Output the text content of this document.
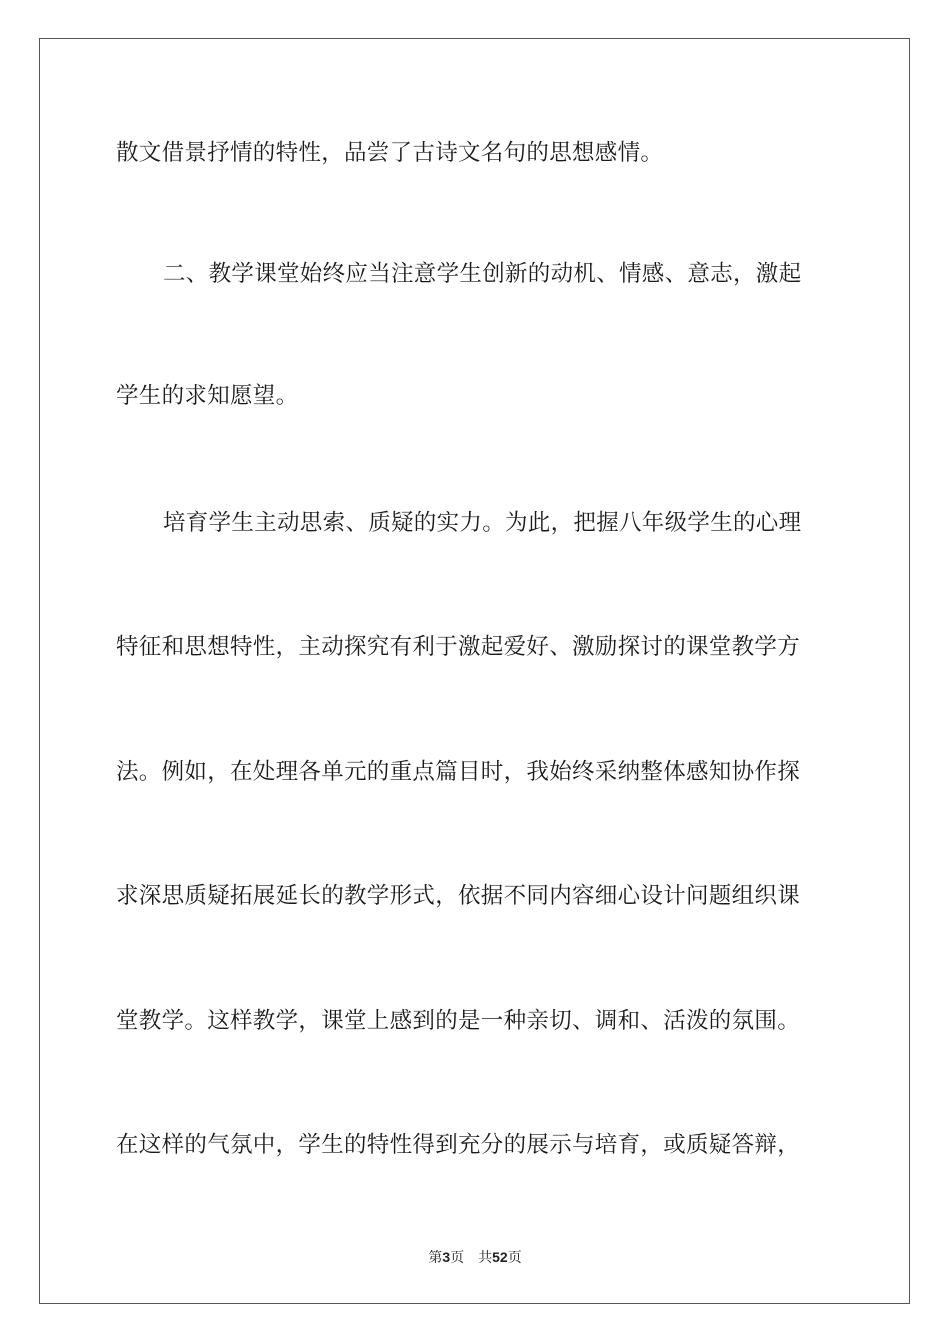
散文借景抒情的特性，品尝了古诗文名句的思想感情。
二、教学课堂始终应当注意学生创新的动机、情感、意志，激起
学生的求知愿望。
培育学生主动思索、质疑的实力。为此，把握八年级学生的心理
特征和思想特性，主动探究有利于激起爱好、激励探讨的课堂教学方
法。例如，在处理各单元的重点篇目时，我始终采纳整体感知协作探
求深思质疑拓展延长的教学形式，依据不同内容细心设计问题组织课
堂教学。这样教学，课堂上感到的是一种亲切、调和、活泼的氛围。
在这样的气氛中，学生的特性得到充分的展示与培育，或质疑答辩，
第3页 共52页
